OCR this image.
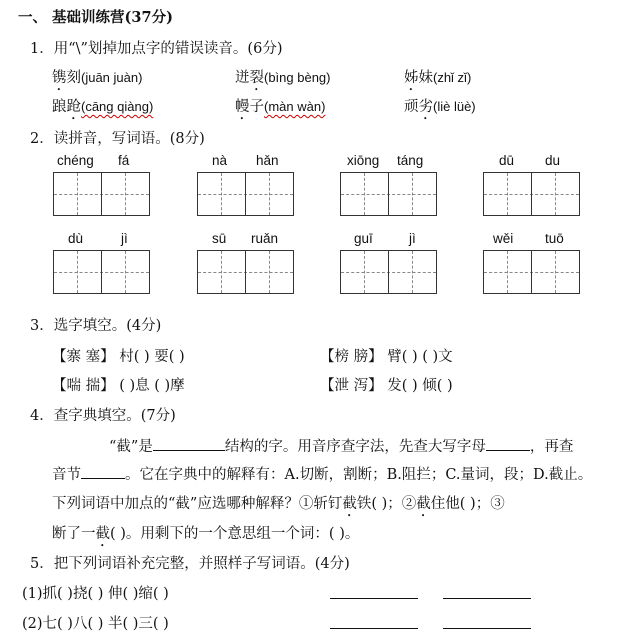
一、 基础训练营(37分)
1．用“\”划掉加点字的错误读音。(6分)
镌刻(juān juàn)	迸裂(bìng bèng)	姊妹(zhǐ zǐ)
踉跄(cāng qiàng)	幔子(màn wàn)	顽劣(liè lüè)
2．读拼音，写词语。(8分)
chéng fá	nà hǎn	xiōng táng	dū du
dù	jì	sū ruǎn	guī	jì	wěi tuō
3．选字填空。(4分)
【寨 塞】 村( ) 要( )	【榜 膀】 臂( ) ( )文
【喘 揣】 ( )息 ( )摩	【泄 泻】 发( ) 倾( )
4．查字典填空。(7分)
“截”是	结构的字。用音序查字法，先查大写字母	，再查
音节	。它在字典中的解释有：A.切断，割断；B.阻拦；C.量词，段；D.截止。
下列词语中加点的“截”应选哪种解释？①斩钉截铁( )；②截住他( )；③
断了一截( )。用剩下的一个意思组一个词：( )。
5．把下列词语补充完整，并照样子写词语。(4分)
(1)抓( )挠( ) 伸( )缩( )
(2)七( )八( ) 半( )三( )
